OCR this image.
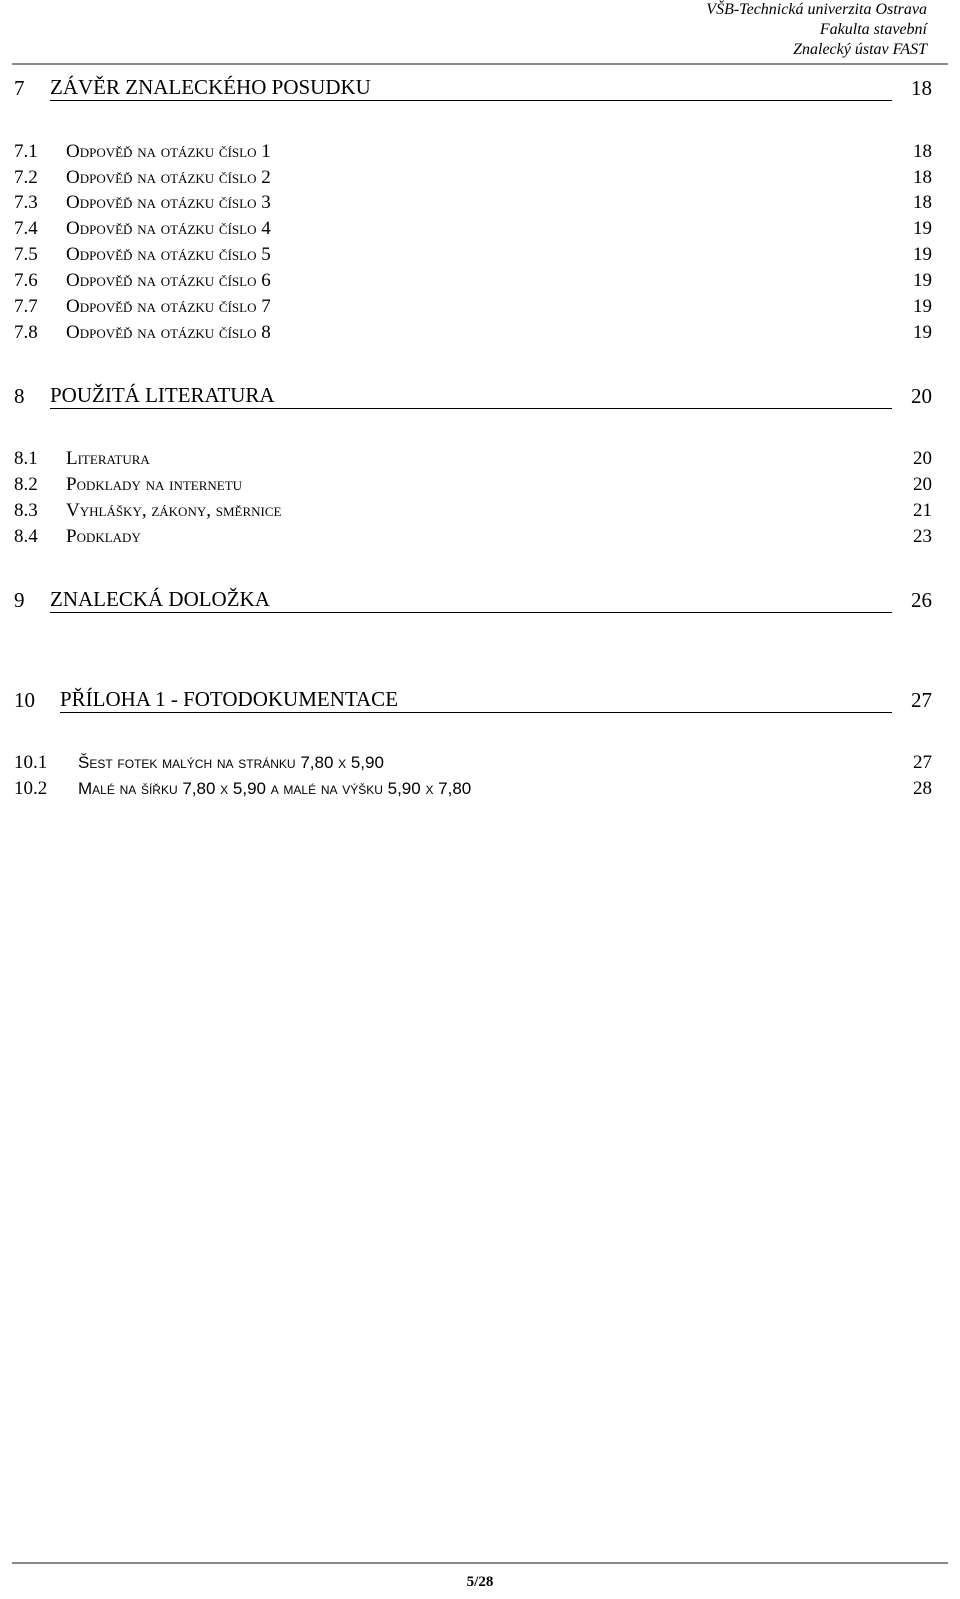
VŠB-Technická univerzita Ostrava
Fakulta stavební
Znalecký ústav FAST
7 ZÁVĚR ZNALECKÉHO POSUDKU	18
7.1 Odpověď na otázku číslo 1	18
7.2 Odpověď na otázku číslo 2	18
7.3 Odpověď na otázku číslo 3	18
7.4 Odpověď na otázku číslo 4	19
7.5 Odpověď na otázku číslo 5	19
7.6 Odpověď na otázku číslo 6	19
7.7 Odpověď na otázku číslo 7	19
7.8 Odpověď na otázku číslo 8	19
8 POUŽITÁ LITERATURA	20
8.1 Literatura	20
8.2 Podklady na internetu	20
8.3 Vyhlášky, zákony, směrnice	21
8.4 Podklady	23
9 ZNALECKÁ DOLOŽKA	26
10 PŘÍLOHA 1 - FOTODOKUMENTACE	27
10.1 Šest fotek malých na stránku 7,80 x 5,90	27
10.2 Malé na šířku 7,80 x 5,90 a malé na výšku 5,90 x 7,80	28
5/28
